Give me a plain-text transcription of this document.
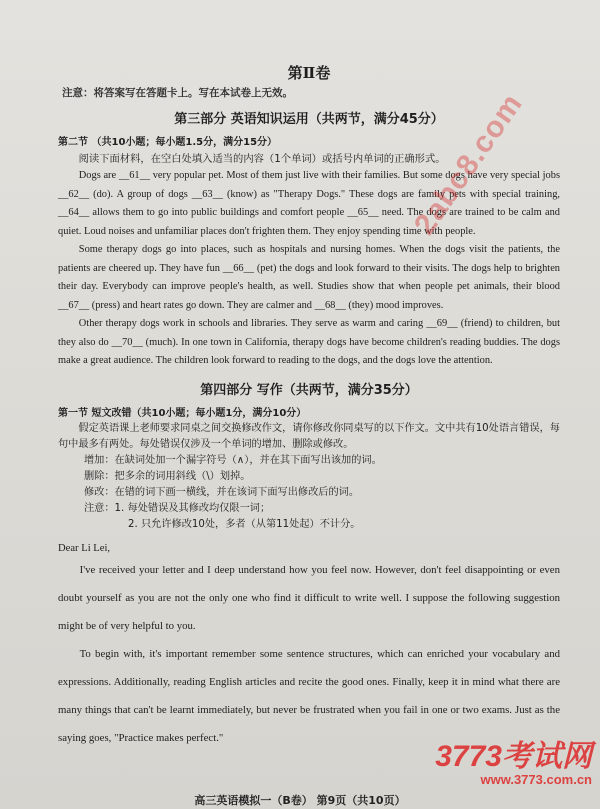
第Ⅱ卷
注意：将答案写在答题卡上。写在本试卷上无效。
第三部分 英语知识运用（共两节，满分45分）
第二节 （共10小题；每小题1.5分，满分15分）
阅读下面材料，在空白处填入适当的内容（1个单词）或括号内单词的正确形式。

Dogs are __61__ very popular pet. Most of them just live with their families. But some dogs have very special jobs __62__ (do). A group of dogs __63__ (know) as "Therapy Dogs." These dogs are family pets with special training, __64__ allows them to go into public buildings and comfort people __65__ need. The dogs are trained to be calm and quiet. Loud noises and unfamiliar places don't frighten them. They enjoy spending time with people.

Some therapy dogs go into places, such as hospitals and nursing homes. When the dogs visit the patients, the patients are cheered up. They have fun __66__ (pet) the dogs and look forward to their visits. The dogs help to brighten their day. Everybody can improve people's health, as well. Studies show that when people pet animals, their blood __67__ (press) and heart rates go down. They are calmer and __68__ (they) mood improves.

Other therapy dogs work in schools and libraries. They serve as warm and caring __69__ (friend) to children, but they also do __70__ (much). In one town in California, therapy dogs have become children's reading buddies. The dogs make a great audience. The children look forward to reading to the dogs, and the dogs love the attention.

第四部分 写作（共两节，满分35分）
第一节 短文改错（共10小题；每小题1分，满分10分）

假定英语课上老师要求同桌之间交换修改作文，请你修改你同桌写的以下作文。文中共有10处语言错误，每句中最多有两处。每处错误仅涉及一个单词的增加、删除或修改。

增加：在缺词处加一个漏字符号（∧），并在其下面写出该加的词。
删除：把多余的词用斜线（\）划掉。
修改：在错的词下画一横线，并在该词下面写出修改后的词。
注意：1. 每处错误及其修改均仅限一词；
2. 只允许修改10处，多者（从第11处起）不计分。
Dear Li Lei,

I've received your letter and I deep understand how you feel now. However, don't feel disappointing or even doubt yourself as you are not the only one who find it difficult to write well. I suppose the following suggestion might be of very helpful to you.

To begin with, it's important remember some sentence structures, which can enriched your vocabulary and expressions. Additionally, reading English articles and recite the good ones. Finally, keep it in mind what there are many things that can't be learnt immediately, but never be frustrated when you fail in one or two exams. Just as the saying goes, "Practice makes perfect."

2abc8.com
3773考试网
www.3773.com.cn
高三英语模拟一（B卷） 第9页（共10页）
